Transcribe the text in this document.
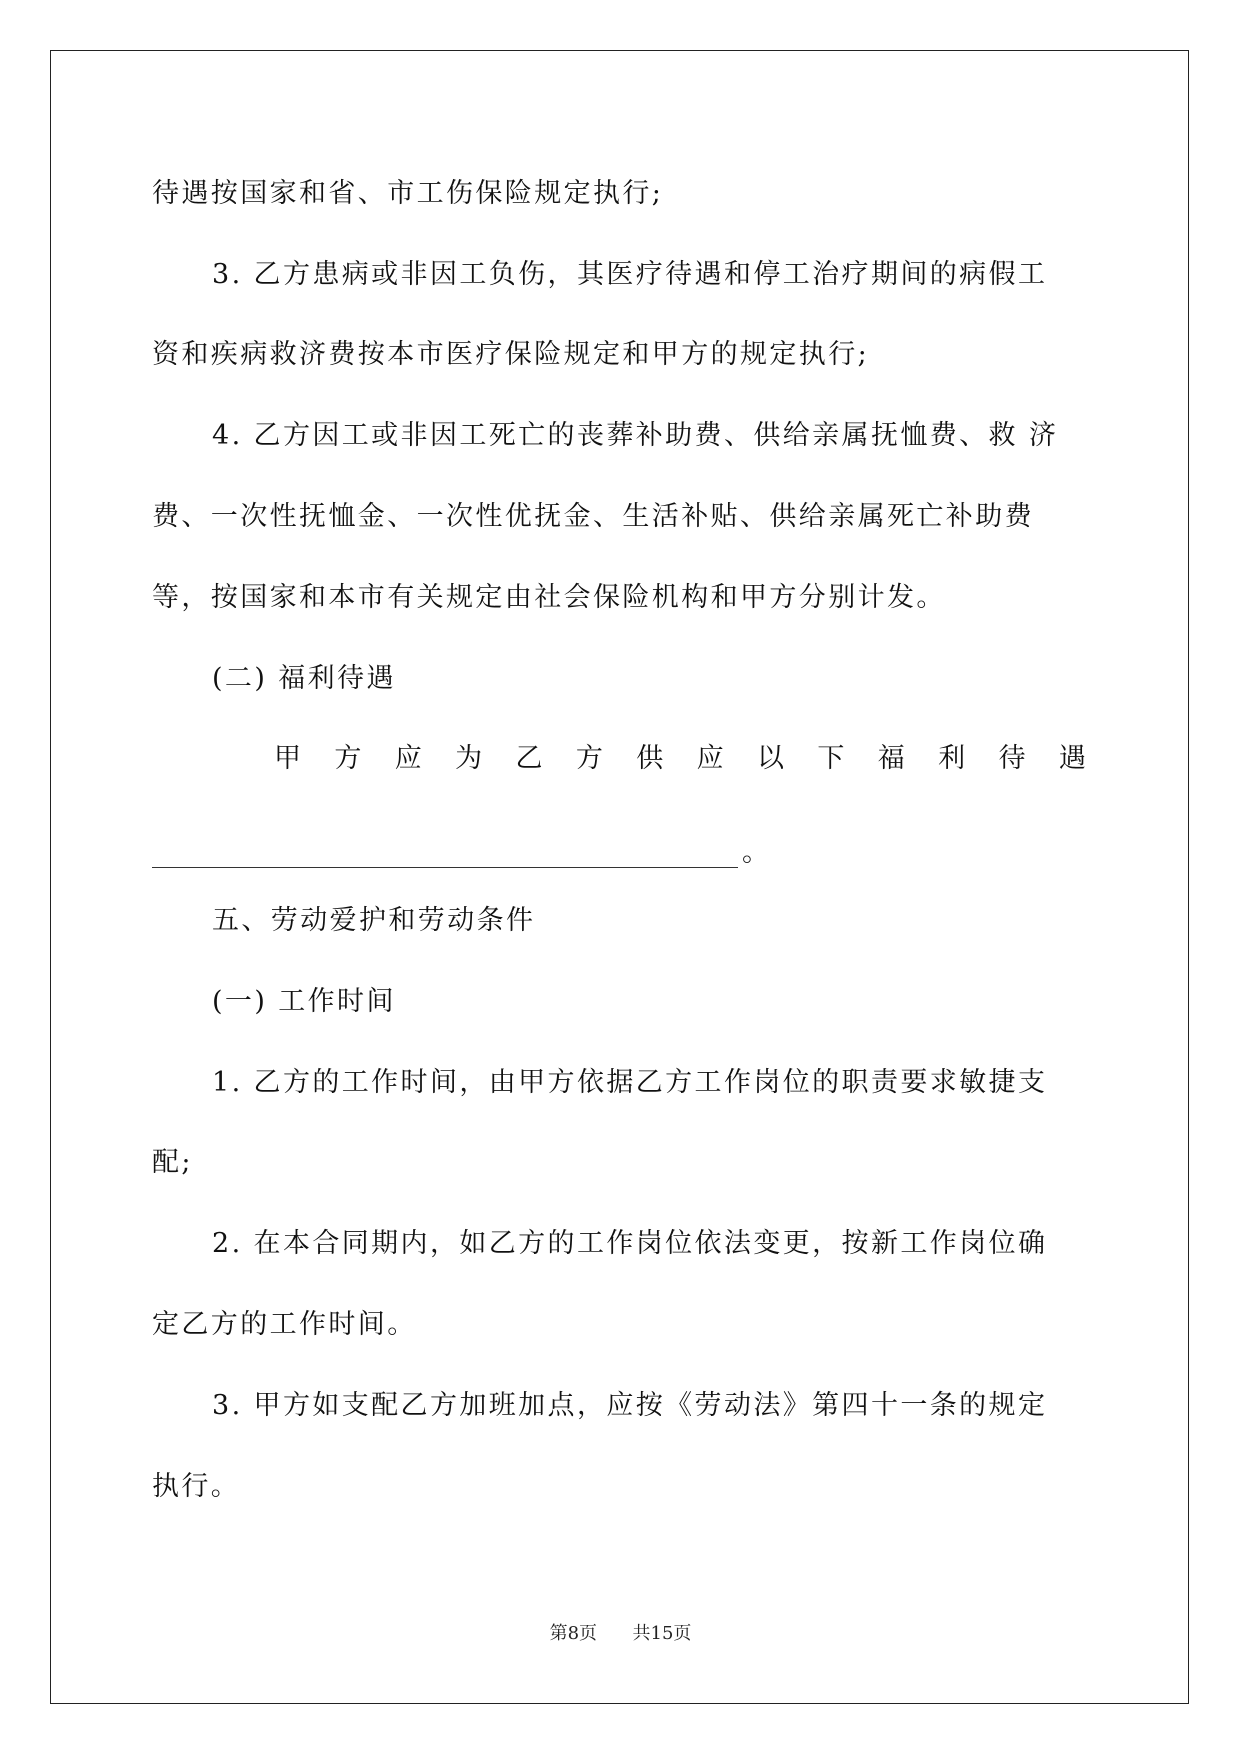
待遇按国家和省、市工伤保险规定执行;
3. 乙方患病或非因工负伤，其医疗待遇和停工治疗期间的病假工
资和疾病救济费按本市医疗保险规定和甲方的规定执行;
4. 乙方因工或非因工死亡的丧葬补助费、供给亲属抚恤费、救 济
费、一次性抚恤金、一次性优抚金、生活补贴、供给亲属死亡补助费
等，按国家和本市有关规定由社会保险机构和甲方分别计发。
(二) 福利待遇
甲 方 应 为 乙 方 供 应 以 下 福 利 待 遇
。
五、劳动爱护和劳动条件
(一) 工作时间
1. 乙方的工作时间，由甲方依据乙方工作岗位的职责要求敏捷支
配;
2. 在本合同期内，如乙方的工作岗位依法变更，按新工作岗位确
定乙方的工作时间。
3. 甲方如支配乙方加班加点，应按《劳动法》第四十一条的规定
执行。
第8页 共15页
